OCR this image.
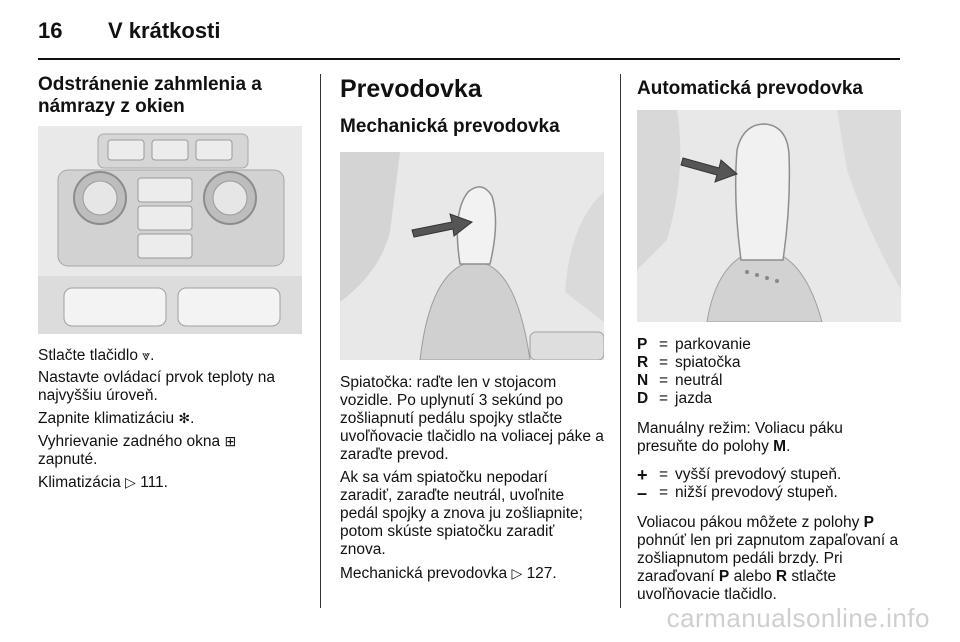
16	V krátkosti
Odstránenie zahmlenia a námrazy z okien

Stlačte tlačidlo ⩔.

Nastavte ovládací prvok teploty na najvyššiu úroveň.

Zapnite klimatizáciu ✻.

Vyhrievanie zadného okna ⊞
zapnuté.

Klimatizácia ▷ 111.

Prevodovka
Mechanická prevodovka

Spiatočka: raďte len v stojacom vozidle. Po uplynutí 3 sekúnd po zošliapnutí pedálu spojky stlačte uvoľňovacie tlačidlo na voliacej páke a zaraďte prevod.

Ak sa vám spiatočku nepodarí zaradiť, zaraďte neutrál, uvoľnite pedál spojky a znova ju zošliapnite; potom skúste spiatočku zaradiť znova.

Mechanická prevodovka ▷ 127.

Automatická prevodovka
P = parkovanie
R = spiatočka
N = neutrál
D = jazda

Manuálny režim: Voliacu páku presuňte do polohy M.

+ = vyšší prevodový stupeň.
– = nižší prevodový stupeň.

Voliacou pákou môžete z polohy P pohnúť len pri zapnutom zapaľovaní a zošliapnutom pedáli brzdy. Pri zaraďovaní P alebo R stlačte uvoľňovacie tlačidlo.

carmanualsonline.info
